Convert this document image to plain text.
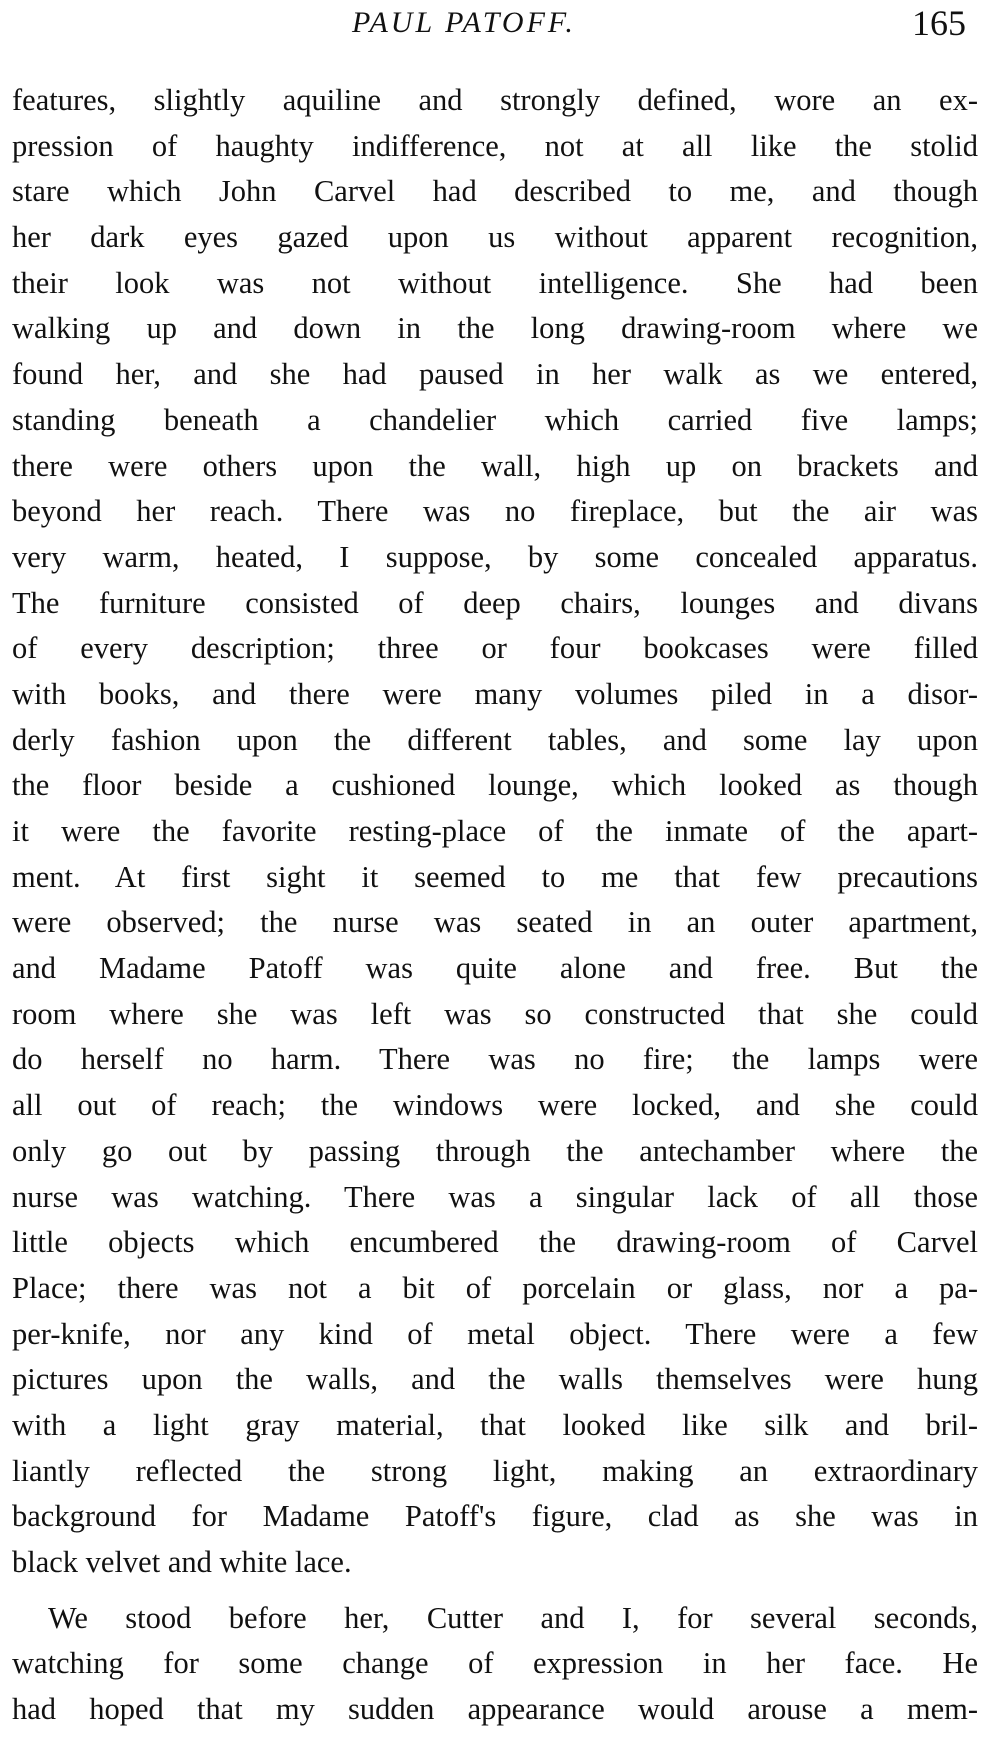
PAUL PATOFF.	165
features, slightly aquiline and strongly defined, wore an ex-
pression of haughty indifference, not at all like the stolid
stare which John Carvel had described to me, and though
her dark eyes gazed upon us without apparent recognition,
their look was not without intelligence. She had been
walking up and down in the long drawing-room where we
found her, and she had paused in her walk as we entered,
standing beneath a chandelier which carried five lamps;
there were others upon the wall, high up on brackets and
beyond her reach. There was no fireplace, but the air was
very warm, heated, I suppose, by some concealed apparatus.
The furniture consisted of deep chairs, lounges and divans
of every description; three or four bookcases were filled
with books, and there were many volumes piled in a disor-
derly fashion upon the different tables, and some lay upon
the floor beside a cushioned lounge, which looked as though
it were the favorite resting-place of the inmate of the apart-
ment. At first sight it seemed to me that few precautions
were observed; the nurse was seated in an outer apartment,
and Madame Patoff was quite alone and free. But the
room where she was left was so constructed that she could
do herself no harm. There was no fire; the lamps were
all out of reach; the windows were locked, and she could
only go out by passing through the antechamber where the
nurse was watching. There was a singular lack of all those
little objects which encumbered the drawing-room of Carvel
Place; there was not a bit of porcelain or glass, nor a pa-
per-knife, nor any kind of metal object. There were a few
pictures upon the walls, and the walls themselves were hung
with a light gray material, that looked like silk and bril-
liantly reflected the strong light, making an extraordinary
background for Madame Patoff's figure, clad as she was in
black velvet and white lace.
We stood before her, Cutter and I, for several seconds,
watching for some change of expression in her face. He
had hoped that my sudden appearance would arouse a mem-
